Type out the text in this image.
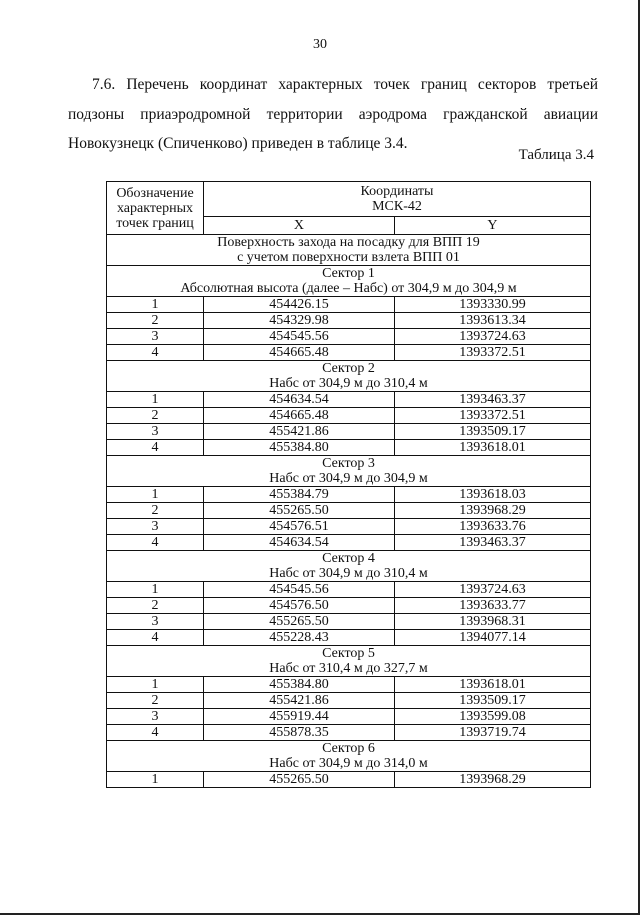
30
7.6. Перечень координат характерных точек границ секторов третьей подзоны приаэродромной территории аэродрома гражданской авиации Новокузнецк (Спиченково) приведен в таблице 3.4.
Таблица 3.4
Обозначение характерных точек границ	Координаты
МСК-42	
	X	Y
Поверхность захода на посадку для ВПП 19
с учетом поверхности взлета ВПП 01		
Сектор 1
Абсолютная высота (далее – Набс) от 304,9 м до 304,9 м		
1	454426.15	1393330.99
2	454329.98	1393613.34
3	454545.56	1393724.63
4	454665.48	1393372.51
Сектор 2
Набс от 304,9 м до 310,4 м		
1	454634.54	1393463.37
2	454665.48	1393372.51
3	455421.86	1393509.17
4	455384.80	1393618.01
Сектор 3
Набс от 304,9 м до 304,9 м		
1	455384.79	1393618.03
2	455265.50	1393968.29
3	454576.51	1393633.76
4	454634.54	1393463.37
Сектор 4
Набс от 304,9 м до 310,4 м		
1	454545.56	1393724.63
2	454576.50	1393633.77
3	455265.50	1393968.31
4	455228.43	1394077.14
Сектор 5
Набс от 310,4 м до 327,7 м		
1	455384.80	1393618.01
2	455421.86	1393509.17
3	455919.44	1393599.08
4	455878.35	1393719.74
Сектор 6
Набс от 304,9 м до 314,0 м		
1	455265.50	1393968.29
